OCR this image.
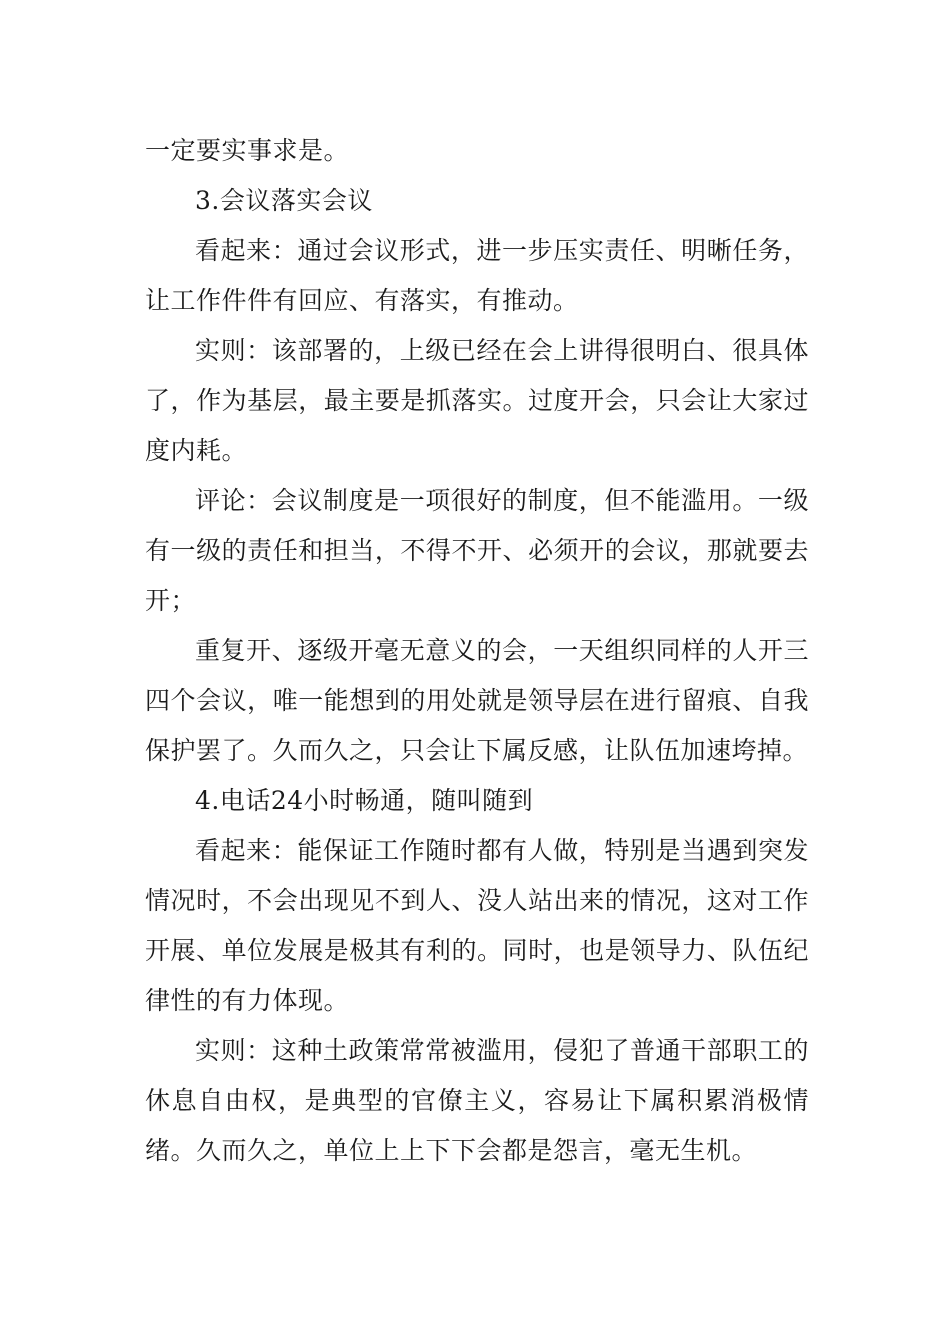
一定要实事求是。

3.会议落实会议

看起来：通过会议形式，进一步压实责任、明晰任务，让工作件件有回应、有落实，有推动。

实则：该部署的，上级已经在会上讲得很明白、很具体了，作为基层，最主要是抓落实。过度开会，只会让大家过度内耗。

评论：会议制度是一项很好的制度，但不能滥用。一级有一级的责任和担当，不得不开、必须开的会议，那就要去开；

重复开、逐级开毫无意义的会，一天组织同样的人开三四个会议，唯一能想到的用处就是领导层在进行留痕、自我保护罢了。久而久之，只会让下属反感，让队伍加速垮掉。

4.电话24小时畅通，随叫随到

看起来：能保证工作随时都有人做，特别是当遇到突发情况时，不会出现见不到人、没人站出来的情况，这对工作开展、单位发展是极其有利的。同时，也是领导力、队伍纪律性的有力体现。

实则：这种土政策常常被滥用，侵犯了普通干部职工的休息自由权，是典型的官僚主义，容易让下属积累消极情绪。久而久之，单位上上下下会都是怨言，毫无生机。
